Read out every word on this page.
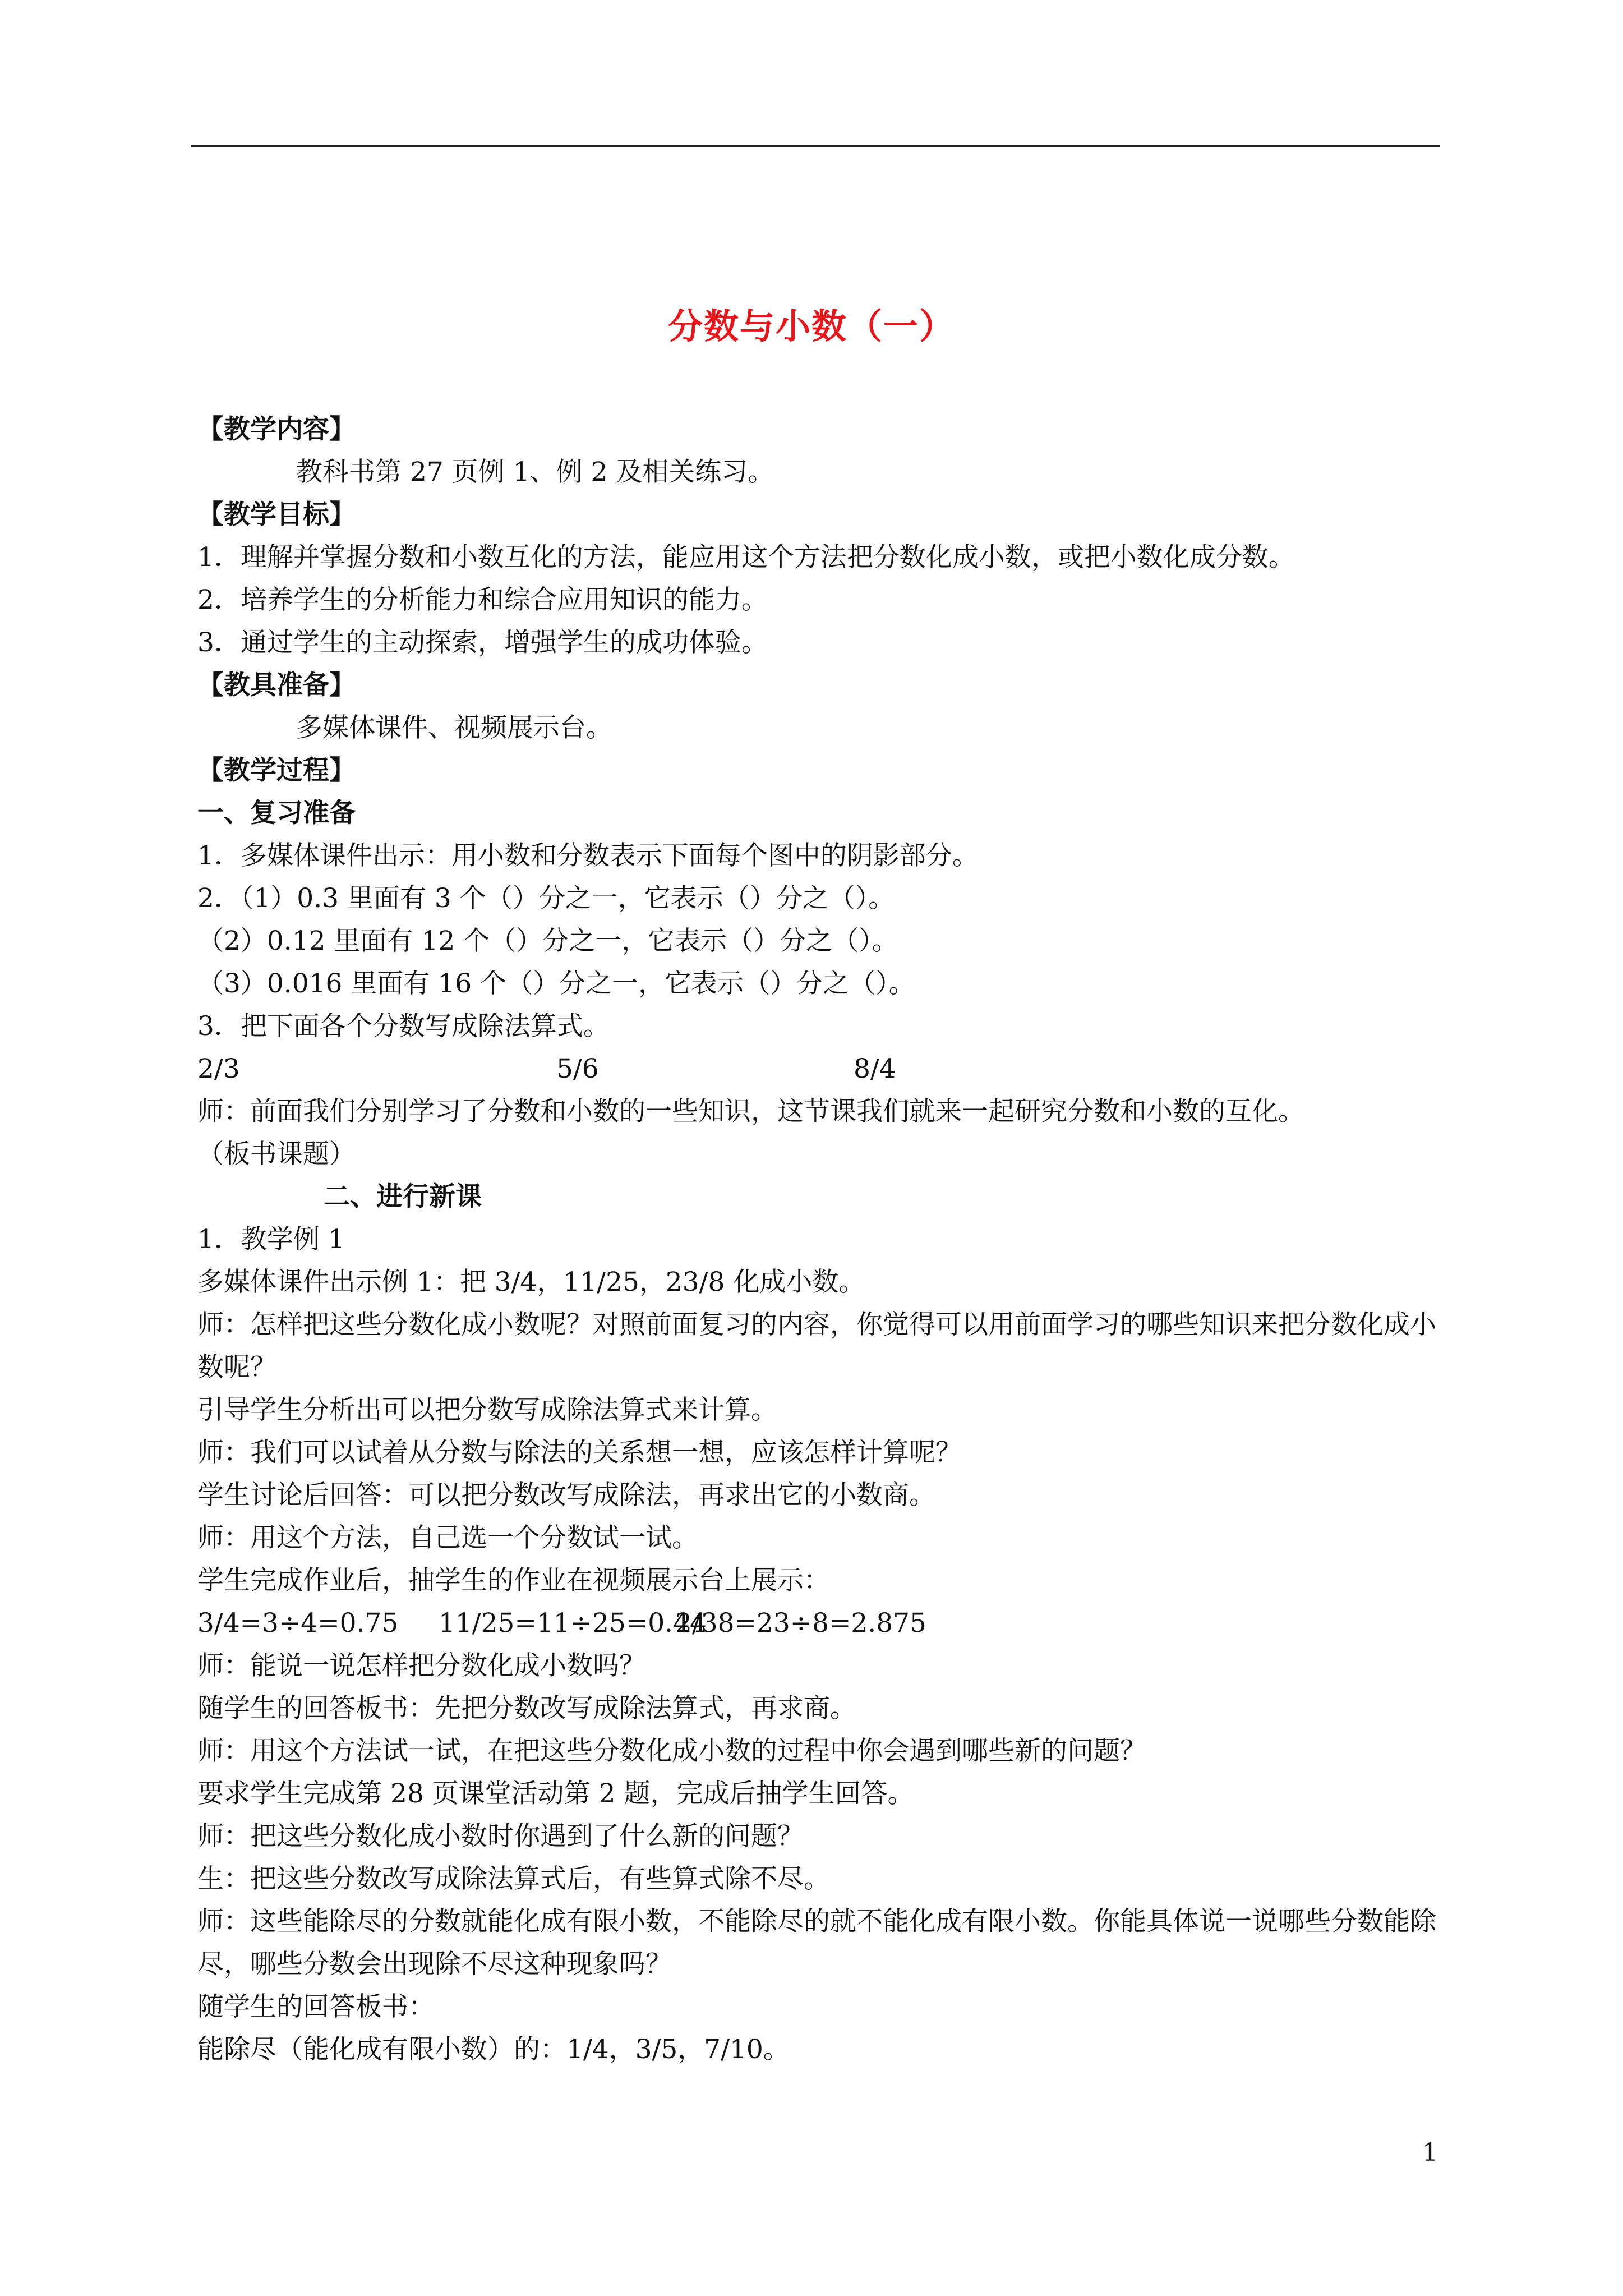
分数与小数（一）
【教学内容】
教科书第 27 页例 1、例 2 及相关练习。
【教学目标】
1．理解并掌握分数和小数互化的方法，能应用这个方法把分数化成小数，或把小数化成分数。
2．培养学生的分析能力和综合应用知识的能力。
3．通过学生的主动探索，增强学生的成功体验。
【教具准备】
多媒体课件、视频展示台。
【教学过程】
一、复习准备
1．多媒体课件出示：用小数和分数表示下面每个图中的阴影部分。
2．（1）0.3 里面有 3 个（）分之一，它表示（）分之（）。
（2）0.12 里面有 12 个（）分之一，它表示（）分之（）。
（3）0.016 里面有 16 个（）分之一，它表示（）分之（）。
3．把下面各个分数写成除法算式。
2/3	5/6	8/4
师：前面我们分别学习了分数和小数的一些知识，这节课我们就来一起研究分数和小数的互化。
（板书课题）
二、进行新课
1．教学例 1
多媒体课件出示例 1：把 3/4，11/25，23/8 化成小数。
师：怎样把这些分数化成小数呢？对照前面复习的内容，你觉得可以用前面学习的哪些知识来把分数化成小数呢？
引导学生分析出可以把分数写成除法算式来计算。
师：我们可以试着从分数与除法的关系想一想，应该怎样计算呢？
学生讨论后回答：可以把分数改写成除法，再求出它的小数商。
师：用这个方法，自己选一个分数试一试。
学生完成作业后，抽学生的作业在视频展示台上展示：
3/4=3÷4=0.75	11/25=11÷25=0.44
2/38=23÷8=2.875
师：能说一说怎样把分数化成小数吗？
随学生的回答板书：先把分数改写成除法算式，再求商。
师：用这个方法试一试，在把这些分数化成小数的过程中你会遇到哪些新的问题？
要求学生完成第 28 页课堂活动第 2 题，完成后抽学生回答。
师：把这些分数化成小数时你遇到了什么新的问题？
生：把这些分数改写成除法算式后，有些算式除不尽。
师：这些能除尽的分数就能化成有限小数，不能除尽的就不能化成有限小数。你能具体说一说哪些分数能除尽，哪些分数会出现除不尽这种现象吗？
随学生的回答板书：
能除尽（能化成有限小数）的：1/4，3/5，7/10。
1
